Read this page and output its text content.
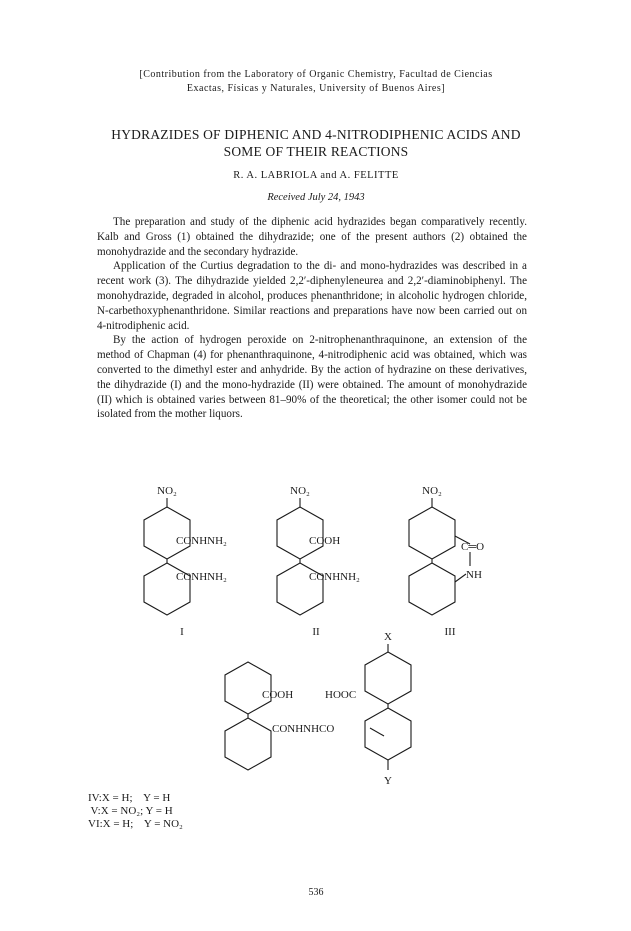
[Contribution from the Laboratory of Organic Chemistry, Facultad de Ciencias
Exactas, Físicas y Naturales, University of Buenos Aires]
HYDRAZIDES OF DIPHENIC AND 4-NITRODIPHENIC ACIDS AND
SOME OF THEIR REACTIONS
R. A. LABRIOLA and A. FELITTE
Received July 24, 1943

The preparation and study of the diphenic acid hydrazides began comparatively recently. Kalb and Gross (1) obtained the dihydrazide; one of the present authors (2) obtained the monohydrazide and the secondary hydrazide.

Application of the Curtius degradation to the di- and mono-hydrazides was described in a recent work (3). The dihydrazide yielded 2,2′-diphenyleneurea and 2,2′-diaminobiphenyl. The monohydrazide, degraded in alcohol, produces phenanthridone; in alcoholic hydrogen chloride, N-carbethoxyphenanthridone. Similar reactions and preparations have now been carried out on 4-nitrodiphenic acid.

By the action of hydrogen peroxide on 2-nitrophenanthraquinone, an extension of the method of Chapman (4) for phenanthraquinone, 4-nitrodiphenic acid was obtained, which was converted to the dimethyl ester and anhydride. By the action of hydrazine on these derivatives, the dihydrazide (I) and the mono-hydrazide (II) were obtained. The amount of monohydrazide (II) which is obtained varies between 81–90% of the theoretical; the other isomer could not be isolated from the mother liquors.

NO₂
CONHNH₂
CONHNH₂
I
NO₂
COOH
CONHNH₂
II
NO₂
C═O
NH
III
COOH
CONHNHCO
X
Y
HOOC
IV:X = H;    Y = H
V:X = NO₂; Y = H
VI:X = H;    Y = NO₂
536
